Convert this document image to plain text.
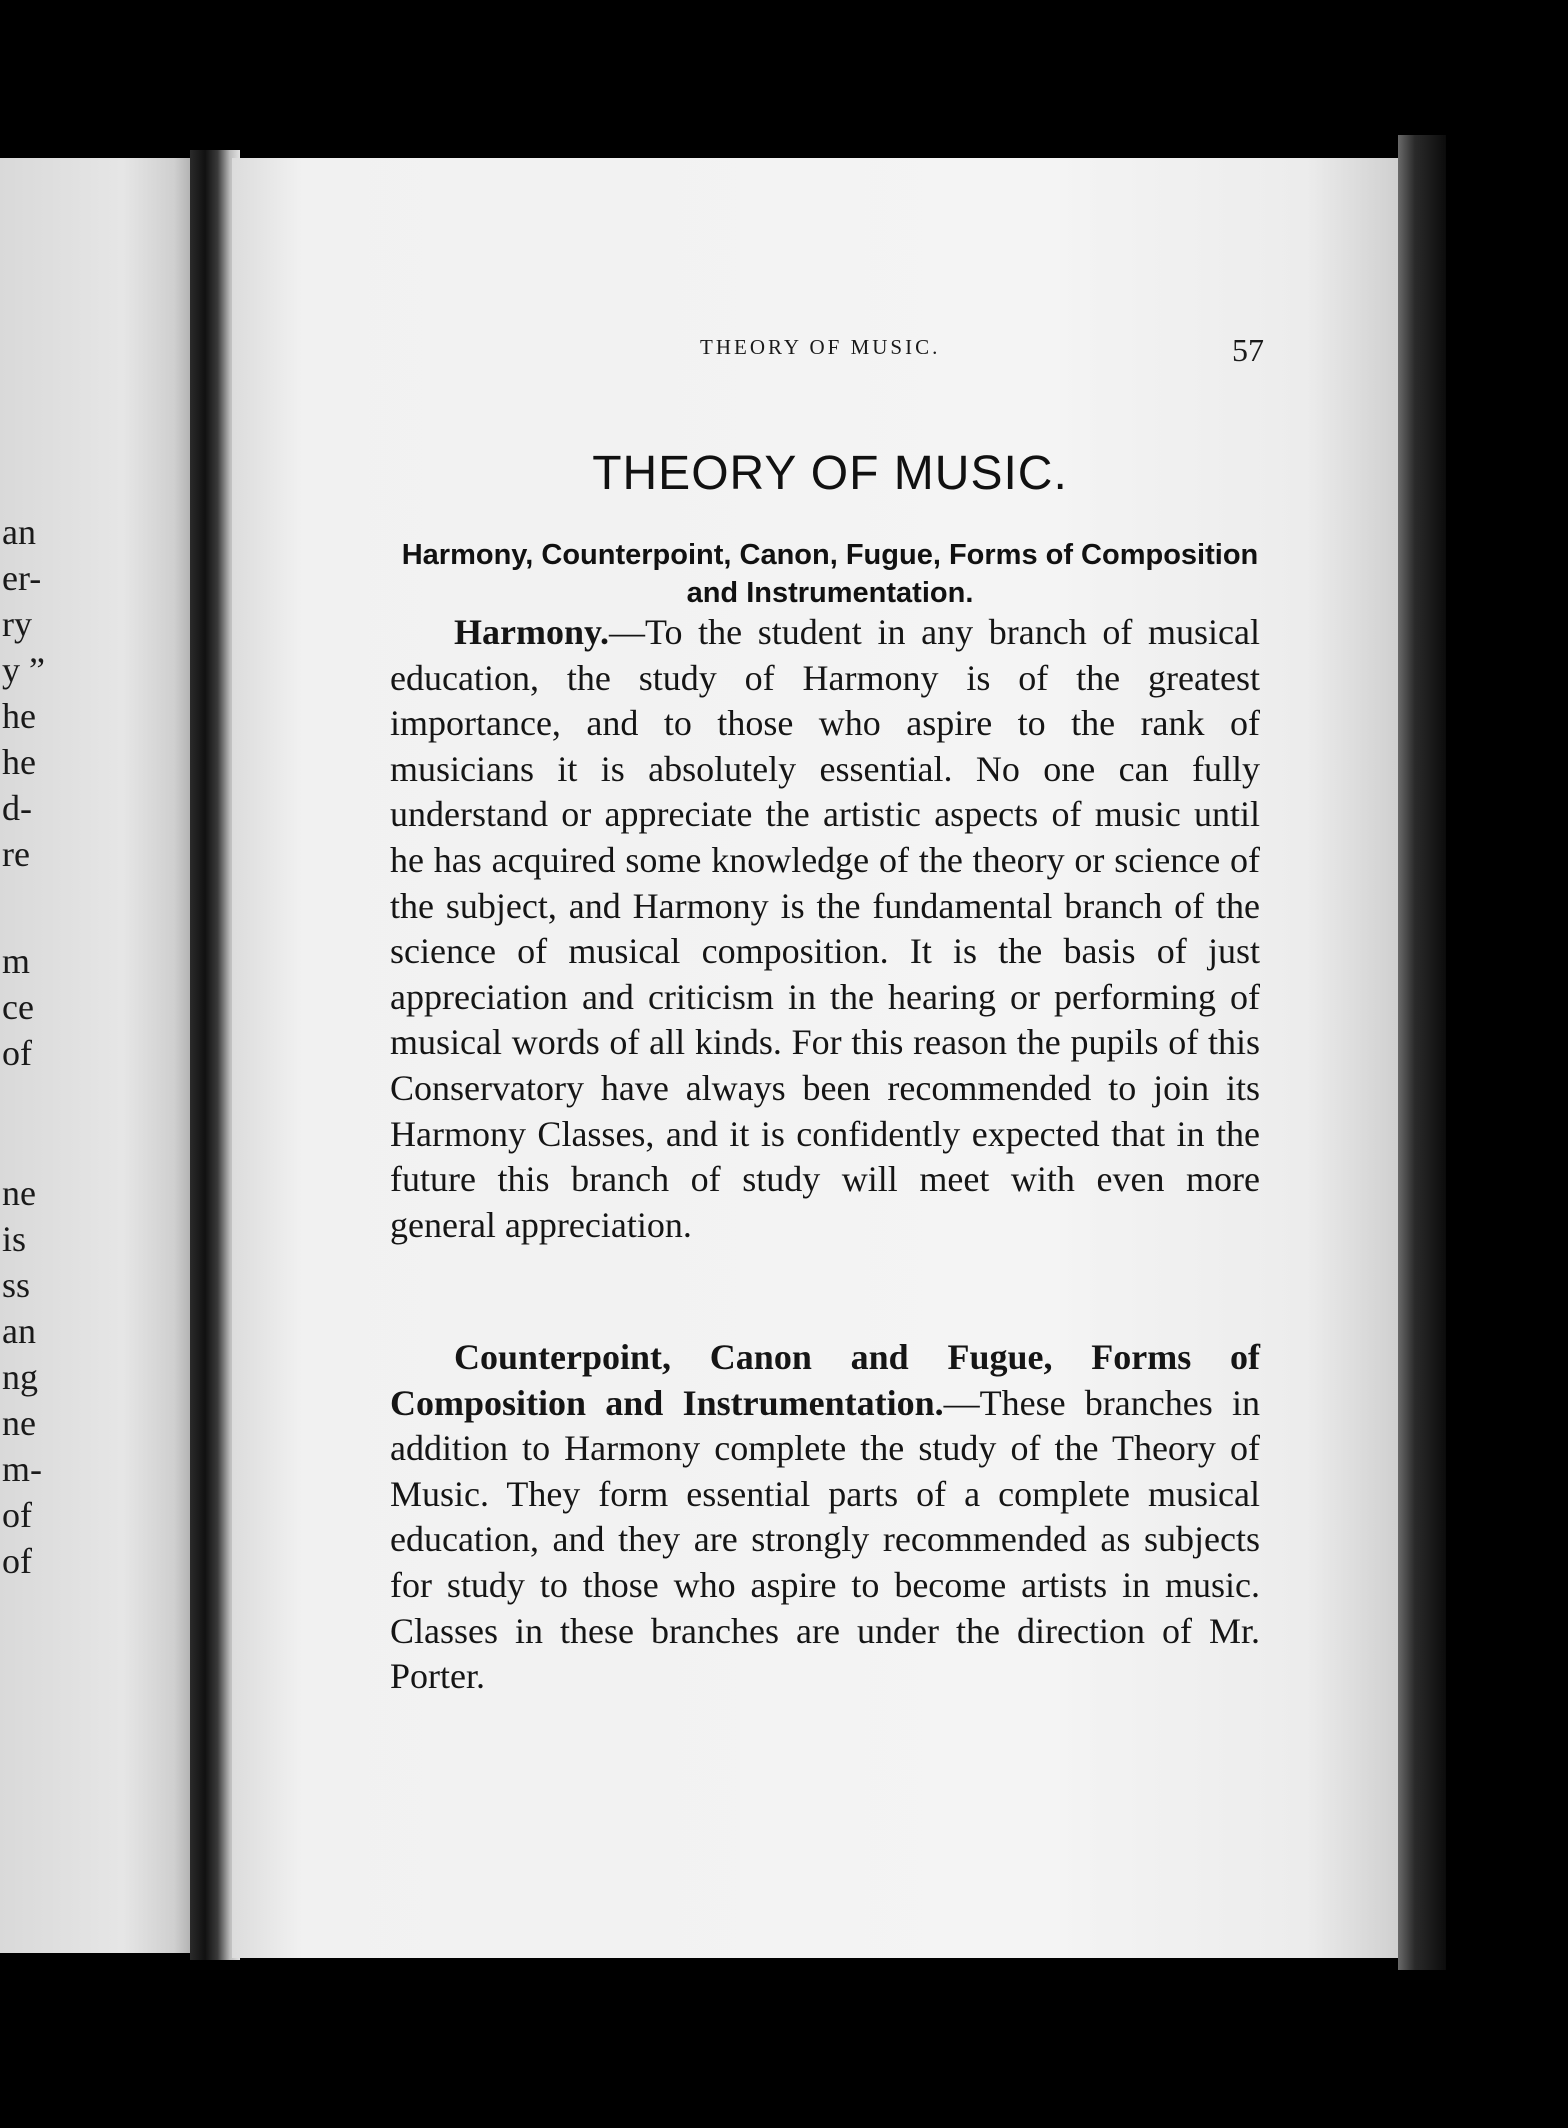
an
er-
ry
y ”
he
he
d-
re
m
ce
of
ne
is
ss
an
ng
ne
m-
of
of
THEORY OF MUSIC.	57
THEORY OF MUSIC.
Harmony, Counterpoint, Canon, Fugue, Forms of Composition and Instrumentation.

Harmony.—To the student in any branch of musical education, the study of Harmony is of the greatest importance, and to those who aspire to the rank of musicians it is absolutely essential. No one can fully understand or appreciate the artistic aspects of music until he has acquired some knowledge of the theory or science of the subject, and Harmony is the fundamental branch of the science of musical composition. It is the basis of just appreciation and criticism in the hearing or performing of musical words of all kinds. For this reason the pupils of this Conservatory have always been recommended to join its Harmony Classes, and it is confidently expected that in the future this branch of study will meet with even more general appreciation.

Counterpoint, Canon and Fugue, Forms of Composition and Instrumentation.—These branches in addition to Harmony complete the study of the Theory of Music. They form essential parts of a complete musical education, and they are strongly recommended as subjects for study to those who aspire to become artists in music. Classes in these branches are under the direction of Mr. Porter.
